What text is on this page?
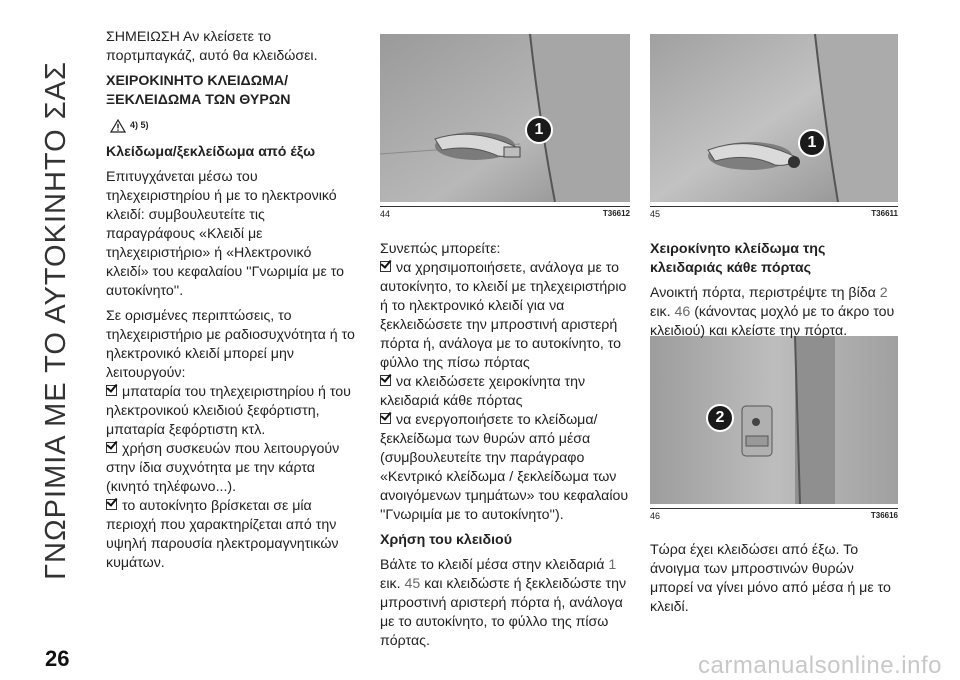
ΓΝΩΡΙΜΙΑ ΜΕ ΤΟ ΑΥΤΟΚΙΝΗΤΟ ΣΑΣ

ΣΗΜΕΙΩΣΗ Αν κλείσετε το πορτμπαγκάζ, αυτό θα κλειδώσει.

ΧΕΙΡΟΚΙΝΗΤΟ ΚΛΕΙΔΩΜΑ/ ΞΕΚΛΕΙΔΩΜΑ ΤΩΝ ΘΥΡΩΝ
4) 5)
Κλείδωμα/ξεκλείδωμα από έξω

Επιτυγχάνεται μέσω του τηλεχειριστηρίου ή με το ηλεκτρονικό κλειδί: συμβουλευτείτε τις παραγράφους «Κλειδί με τηλεχειριστήριο» ή «Ηλεκτρονικό κλειδί» του κεφαλαίου ''Γνωριμία με το αυτοκίνητο''.

Σε ορισμένες περιπτώσεις, το τηλεχειριστήριο με ραδιοσυχνότητα ή το ηλεκτρονικό κλειδί μπορεί μην λειτουργούν:

μπαταρία του τηλεχειριστηρίου ή του ηλεκτρονικού κλειδιού ξεφόρτιστη, μπαταρία ξεφόρτιστη κτλ.
χρήση συσκευών που λειτουργούν στην ίδια συχνότητα με την κάρτα (κινητό τηλέφωνο...).
το αυτοκίνητο βρίσκεται σε μία περιοχή που χαρακτηρίζεται από την υψηλή παρουσία ηλεκτρομαγνητικών κυμάτων.
1
44	T36612
1
45	T36611
2
46	T36616

Συνεπώς μπορείτε:

να χρησιμοποιήσετε, ανάλογα με το αυτοκίνητο, το κλειδί με τηλεχειριστήριο ή το ηλεκτρονικό κλειδί για να ξεκλειδώσετε την μπροστινή αριστερή πόρτα ή, ανάλογα με το αυτοκίνητο, το φύλλο της πίσω πόρτας
να κλειδώσετε χειροκίνητα την κλειδαριά κάθε πόρτας
να ενεργοποιήσετε το κλείδωμα/ξεκλείδωμα των θυρών από μέσα (συμβουλευτείτε την παράγραφο «Κεντρικό κλείδωμα / ξεκλείδωμα των ανοιγόμενων τμημάτων» του κεφαλαίου ''Γνωριμία με το αυτοκίνητο'').
Χρήση του κλειδιού

Βάλτε το κλειδί μέσα στην κλειδαριά 1 εικ. 45 και κλειδώστε ή ξεκλειδώστε την μπροστινή αριστερή πόρτα ή, ανάλογα με το αυτοκίνητο, το φύλλο της πίσω πόρτας.

Χειροκίνητο κλείδωμα της κλειδαριάς κάθε πόρτας

Ανοικτή πόρτα, περιστρέψτε τη βίδα 2 εικ. 46 (κάνοντας μοχλό με το άκρο του κλειδιού) και κλείστε την πόρτα.

Τώρα έχει κλειδώσει από έξω. Το άνοιγμα των μπροστινών θυρών μπορεί να γίνει μόνο από μέσα ή με το κλειδί.

26	carmanualsonline.info
